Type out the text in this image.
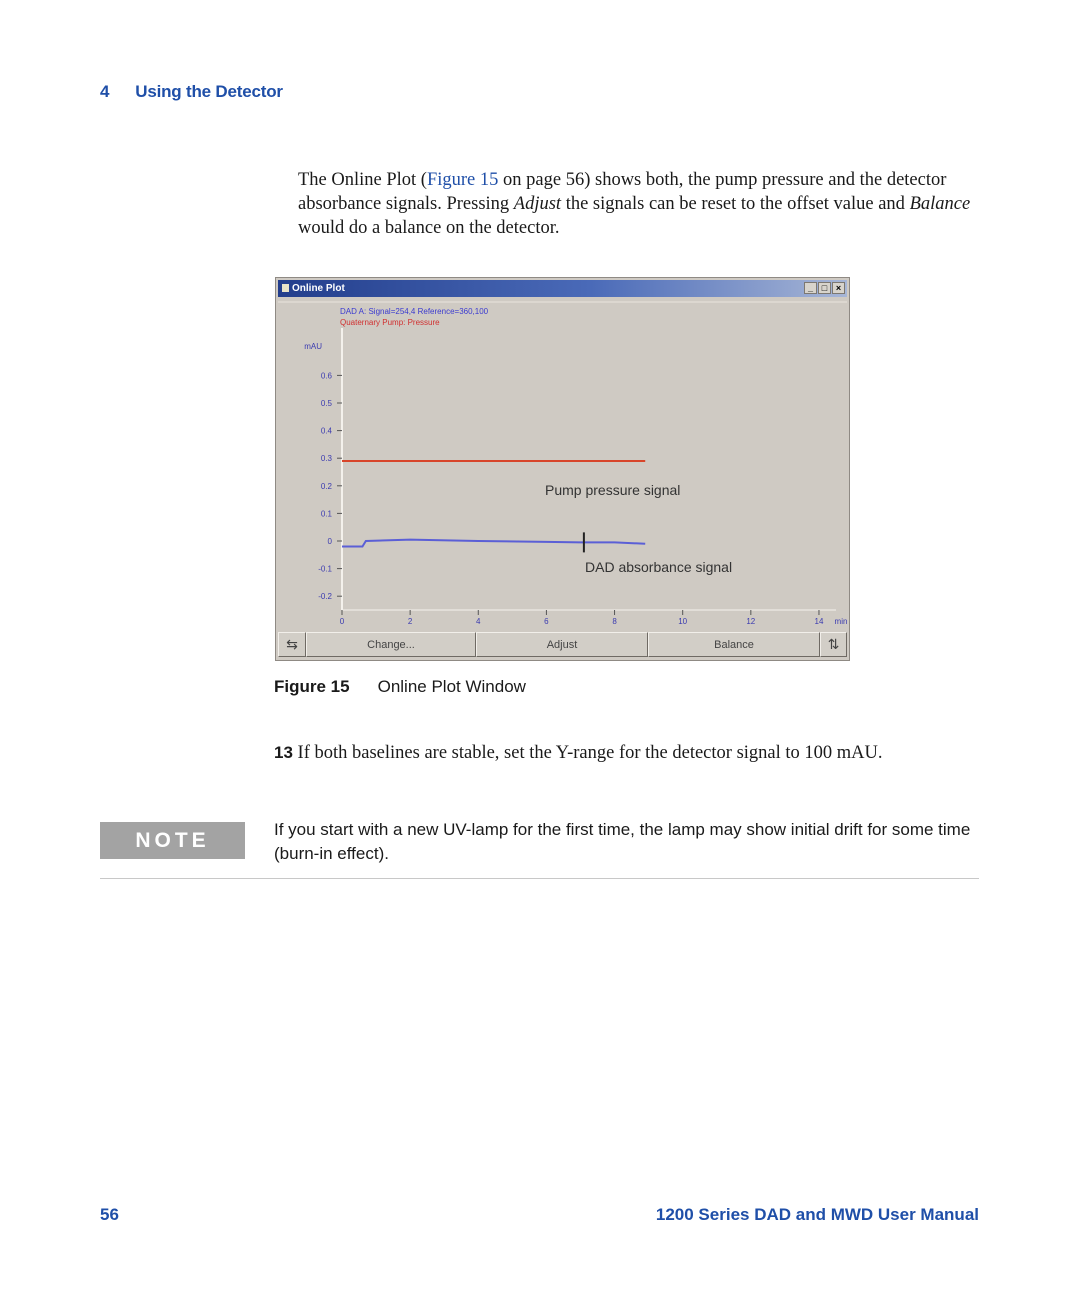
4 Using the Detector
The Online Plot (Figure 15 on page 56) shows both, the pump pressure and the detector absorbance signals. Pressing Adjust the signals can be reset to the offset value and Balance would do a balance on the detector.
Online Plot	_ □ ×
DAD A: Signal=254,4 Reference=360,100
Quaternary Pump: Pressure
mAU
0.6
0.5
0.4
0.3
0.2
0.1
0
-0.1
-0.2
0	2	4	6	8	10	12	14 min
Pump pressure signal
DAD absorbance signal
⇆	Change...	Adjust	Balance	⇅
Figure 15 Online Plot Window
13 If both baselines are stable, set the Y-range for the detector signal to 100 mAU.
NOTE	If you start with a new UV-lamp for the first time, the lamp may show initial drift for some time (burn-in effect).
56	1200 Series DAD and MWD User Manual
